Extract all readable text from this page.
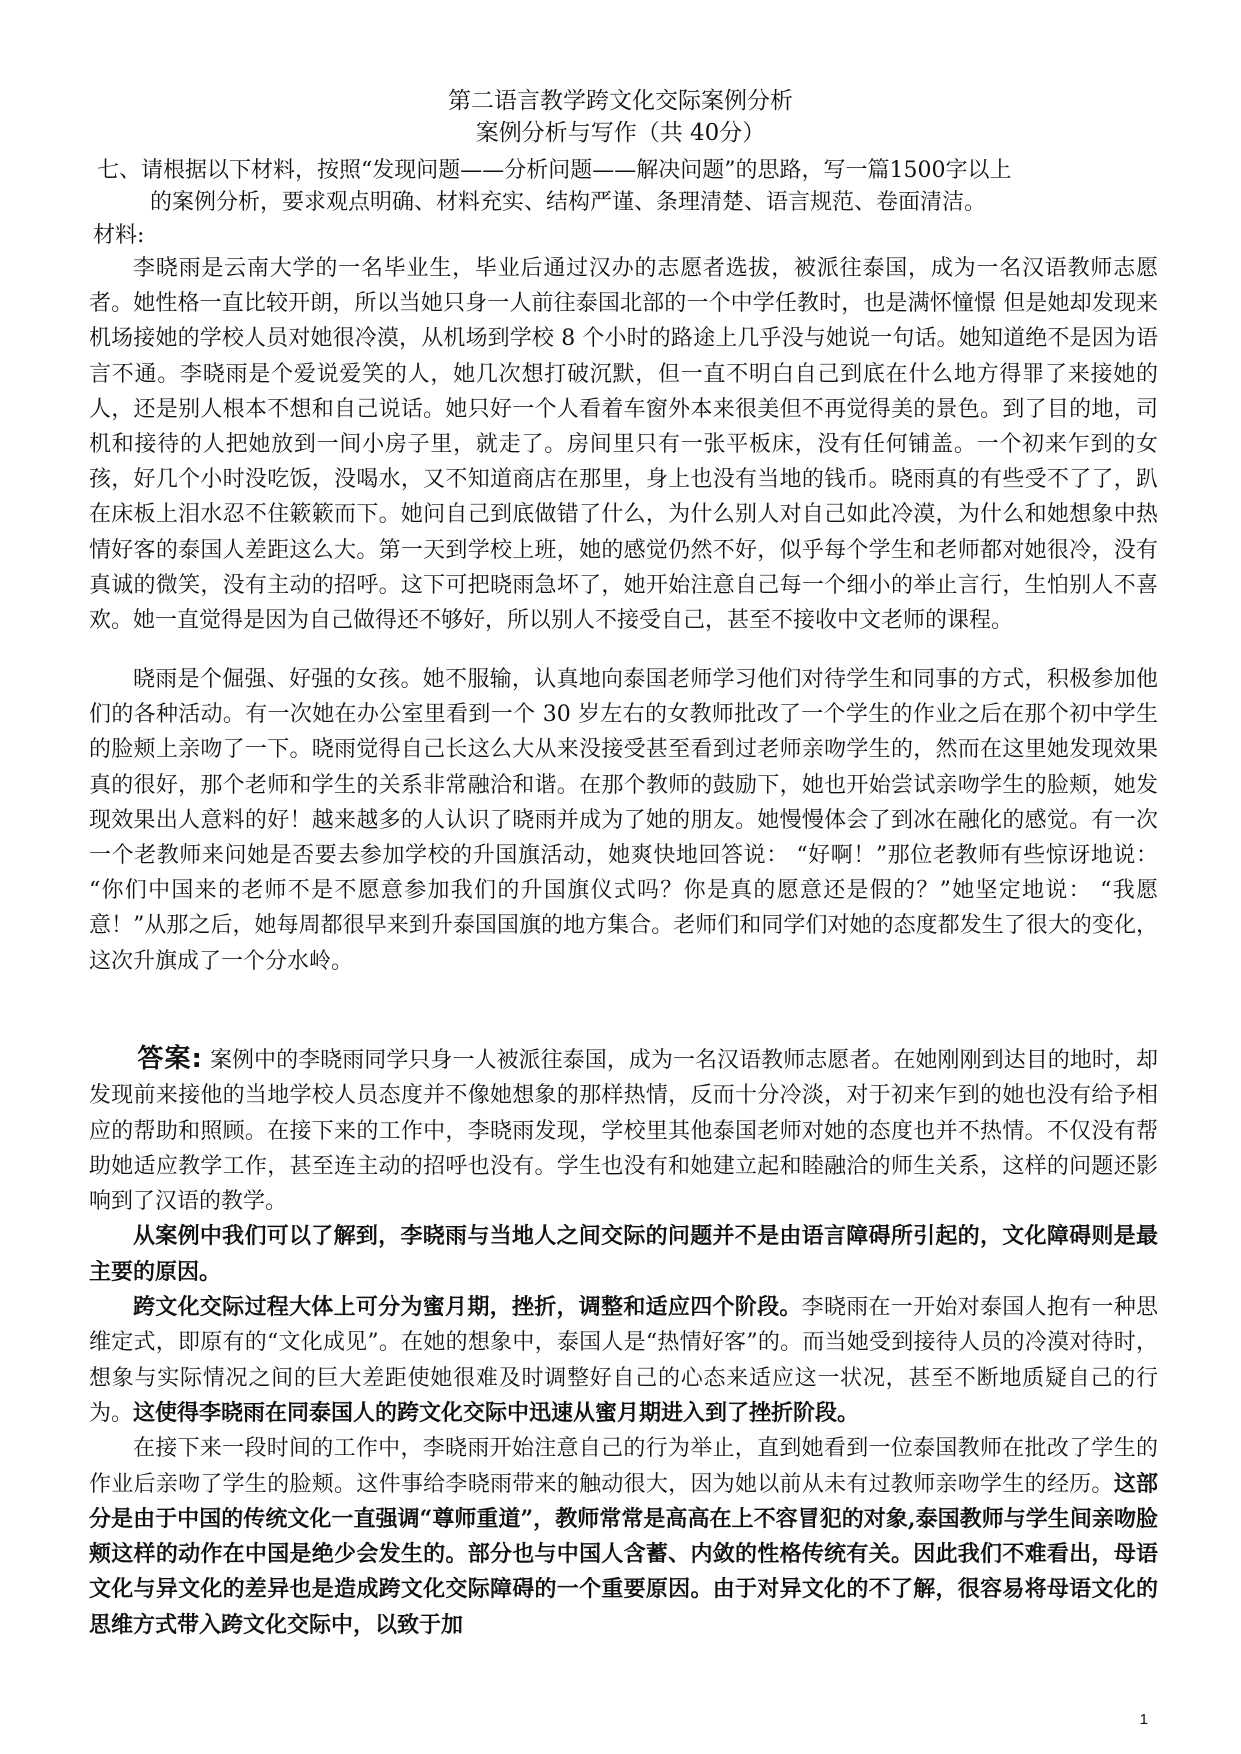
第二语言教学跨文化交际案例分析
案例分析与写作（共 40分）
七、请根据以下材料，按照“发现问题——分析问题——解决问题”的思路，写一篇1500字以上
的案例分析，要求观点明确、材料充实、结构严谨、条理清楚、语言规范、卷面清洁。
材料:

李晓雨是云南大学的一名毕业生，毕业后通过汉办的志愿者选拔，被派往泰国，成为一名汉语教师志愿者。她性格一直比较开朗，所以当她只身一人前往泰国北部的一个中学任教时，也是满怀憧憬 但是她却发现来机场接她的学校人员对她很冷漠，从机场到学校 8 个小时的路途上几乎没与她说一句话。她知道绝不是因为语言不通。李晓雨是个爱说爱笑的人，她几次想打破沉默，但一直不明白自己到底在什么地方得罪了来接她的人，还是别人根本不想和自己说话。她只好一个人看着车窗外本来很美但不再觉得美的景色。到了目的地，司机和接待的人把她放到一间小房子里，就走了。房间里只有一张平板床，没有任何铺盖。一个初来乍到的女孩，好几个小时没吃饭，没喝水，又不知道商店在那里，身上也没有当地的钱币。晓雨真的有些受不了了，趴在床板上泪水忍不住簌簌而下。她问自己到底做错了什么，为什么别人对自己如此冷漠，为什么和她想象中热情好客的泰国人差距这么大。第一天到学校上班，她的感觉仍然不好，似乎每个学生和老师都对她很冷，没有真诚的微笑，没有主动的招呼。这下可把晓雨急坏了，她开始注意自己每一个细小的举止言行，生怕别人不喜欢。她一直觉得是因为自己做得还不够好，所以别人不接受自己，甚至不接收中文老师的课程。

晓雨是个倔强、好强的女孩。她不服输，认真地向泰国老师学习他们对待学生和同事的方式，积极参加他们的各种活动。有一次她在办公室里看到一个 30 岁左右的女教师批改了一个学生的作业之后在那个初中学生的脸颊上亲吻了一下。晓雨觉得自己长这么大从来没接受甚至看到过老师亲吻学生的，然而在这里她发现效果真的很好，那个老师和学生的关系非常融洽和谐。在那个教师的鼓励下，她也开始尝试亲吻学生的脸颊，她发现效果出人意料的好！越来越多的人认识了晓雨并成为了她的朋友。她慢慢体会了到冰在融化的感觉。有一次一个老教师来问她是否要去参加学校的升国旗活动，她爽快地回答说： “好啊！”那位老教师有些惊讶地说： “你们中国来的老师不是不愿意参加我们的升国旗仪式吗？你是真的愿意还是假的？”她坚定地说： “我愿意！”从那之后，她每周都很早来到升泰国国旗的地方集合。老师们和同学们对她的态度都发生了很大的变化，这次升旗成了一个分水岭。

答案: 案例中的李晓雨同学只身一人被派往泰国，成为一名汉语教师志愿者。在她刚刚到达目的地时，却发现前来接他的当地学校人员态度并不像她想象的那样热情，反而十分冷淡，对于初来乍到的她也没有给予相应的帮助和照顾。在接下来的工作中，李晓雨发现，学校里其他泰国老师对她的态度也并不热情。不仅没有帮助她适应教学工作，甚至连主动的招呼也没有。学生也没有和她建立起和睦融洽的师生关系，这样的问题还影响到了汉语的教学。

从案例中我们可以了解到，李晓雨与当地人之间交际的问题并不是由语言障碍所引起的，文化障碍则是最主要的原因。

跨文化交际过程大体上可分为蜜月期，挫折，调整和适应四个阶段。李晓雨在一开始对泰国人抱有一种思维定式，即原有的“文化成见”。在她的想象中，泰国人是“热情好客”的。而当她受到接待人员的冷漠对待时，想象与实际情况之间的巨大差距使她很难及时调整好自己的心态来适应这一状况，甚至不断地质疑自己的行为。这使得李晓雨在同泰国人的跨文化交际中迅速从蜜月期进入到了挫折阶段。

在接下来一段时间的工作中，李晓雨开始注意自己的行为举止，直到她看到一位泰国教师在批改了学生的作业后亲吻了学生的脸颊。这件事给李晓雨带来的触动很大，因为她以前从未有过教师亲吻学生的经历。这部分是由于中国的传统文化一直强调“尊师重道”，教师常常是高高在上不容冒犯的对象,泰国教师与学生间亲吻脸颊这样的动作在中国是绝少会发生的。部分也与中国人含蓄、内敛的性格传统有关。因此我们不难看出，母语文化与异文化的差异也是造成跨文化交际障碍的一个重要原因。由于对异文化的不了解，很容易将母语文化的思维方式带入跨文化交际中，以致于加

1
